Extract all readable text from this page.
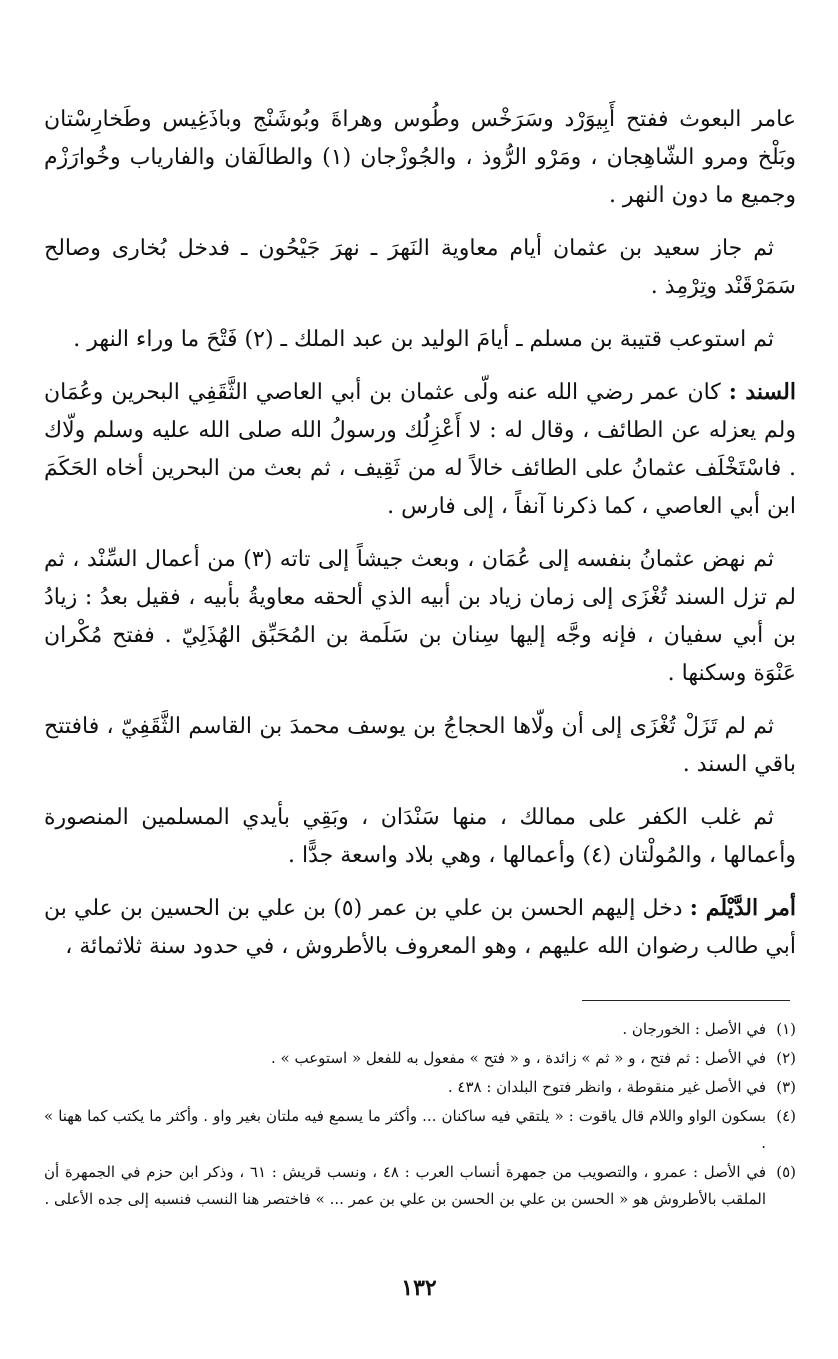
عامر البعوث ففتح أَبِيوَرْد وسَرَخْس وطُوس وهراةَ وبُوشَنْج وباذَغِيس وطَخارِسْتان وبَلْخ ومرو الشّاهِجان ، ومَرْو الرُّوذ ، والجُوزْجان (١) والطالَقان والفارياب وخُوارَزْم وجميع ما دون النهر .

ثم جاز سعيد بن عثمان أيام معاوية النَهرَ ـ نهرَ جَيْحُون ـ فدخل بُخارى وصالح سَمَرْقَنْد وتِرْمِذ .

ثم استوعب قتيبة بن مسلم ـ أيامَ الوليد بن عبد الملك ـ (٢) فَتْحَ ما وراء النهر .

السند : كان عمر رضي الله عنه ولّى عثمان بن أبي العاصي الثَّقَفِي البحرين وعُمَان ولم يعزله عن الطائف ، وقال له : لا أَعْزِلُك ورسولُ الله صلى الله عليه وسلم ولّاك . فاسْتَخْلَف عثمانُ على الطائف خالاً له من ثَقِيف ، ثم بعث من البحرين أخاه الحَكَمَ ابن أبي العاصي ، كما ذكرنا آنفاً ، إلى فارس .

ثم نهض عثمانُ بنفسه إلى عُمَان ، وبعث جيشاً إلى تاته (٣) من أعمال السِّنْد ، ثم لم تزل السند تُغْزَى إلى زمان زياد بن أبيه الذي ألحقه معاويةُ بأبيه ، فقيل بعدُ : زيادُ بن أبي سفيان ، فإنه وجَّه إليها سِنان بن سَلَمة بن المُحَبِّق الهُذَلِيّ . ففتح مُكْران عَنْوَة وسكنها .

ثم لم تَزَلْ تُغْزَى إلى أن ولّاها الحجاجُ بن يوسف محمدَ بن القاسم الثَّقَفِيّ ، فافتتح باقي السند .

ثم غلب الكفر على ممالك ، منها سَنْدَان ، وبَقِي بأيدي المسلمين المنصورة وأعمالها ، والمُولْتان (٤) وأعمالها ، وهي بلاد واسعة جدًّا .

أمر الدَّيْلَم : دخل إليهم الحسن بن علي بن عمر (٥) بن علي بن الحسين بن علي بن أبي طالب رضوان الله عليهم ، وهو المعروف بالأطروش ، في حدود سنة ثلاثمائة ،

(١)
في الأصل : الخورجان .

(٢)
في الأصل : ثم فتح ، و « ثم » زائدة ، و « فتح » مفعول به للفعل « استوعب » .

(٣)
في الأصل غير منقوطة ، وانظر فتوح البلدان : ٤٣٨ .

(٤)
بسكون الواو واللام قال ياقوت : « يلتقي فيه ساكنان ... وأكثر ما يسمع فيه ملتان بغير واو . وأكثر ما يكتب كما ههنا » .

(٥)
في الأصل : عمرو ، والتصويب من جمهرة أنساب العرب : ٤٨ ، ونسب قريش : ٦١ ، وذكر ابن حزم في الجمهرة أن الملقب بالأطروش هو « الحسن بن علي بن الحسن بن علي بن عمر ... » فاختصر هنا النسب فنسبه إلى جده الأعلى .

١٣٢
